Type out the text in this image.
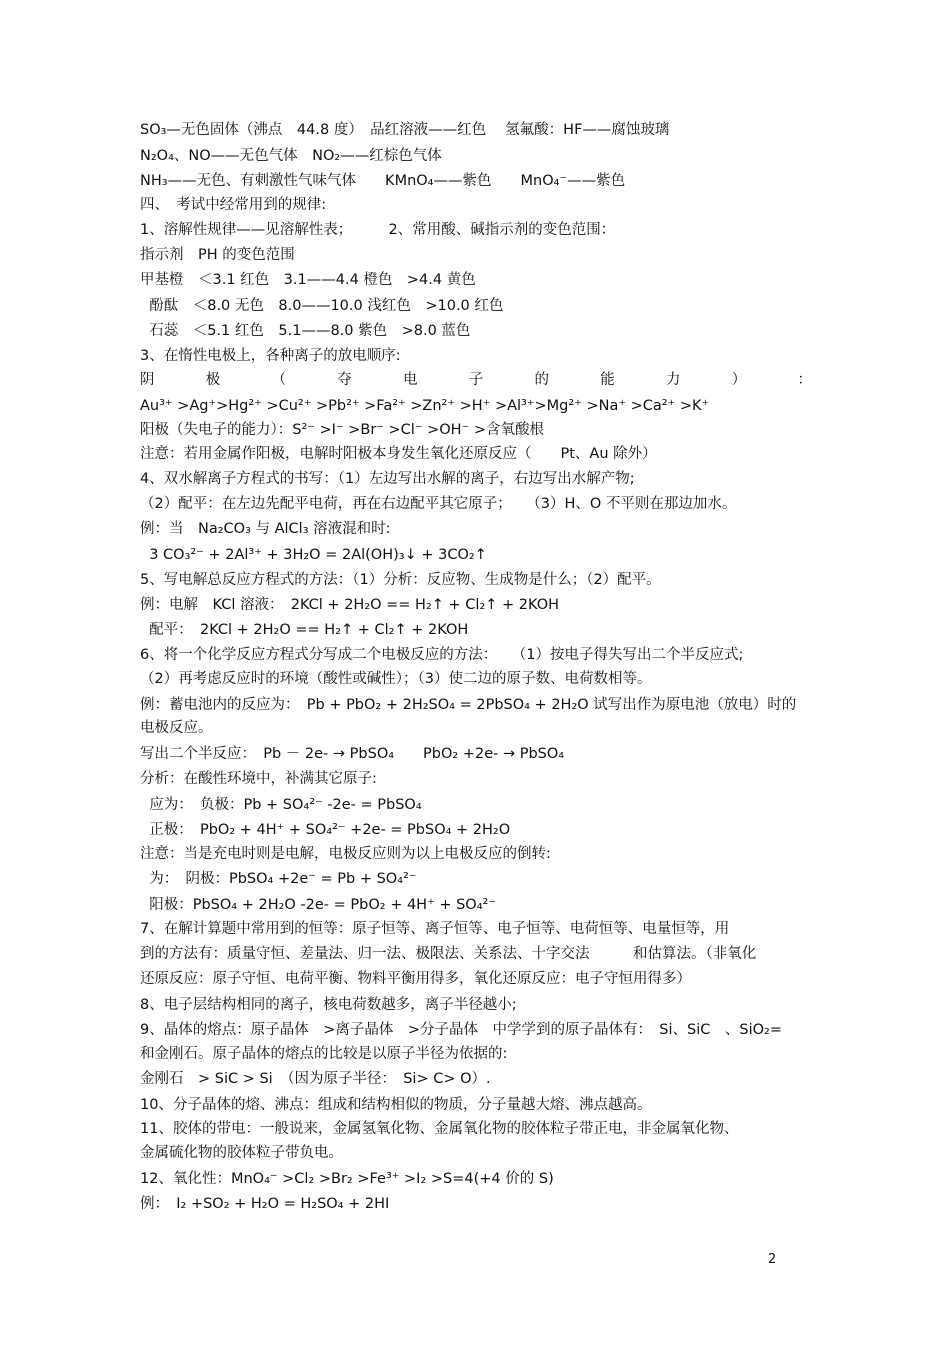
SO₃—无色固体（沸点　44.8 度）　品红溶液——红色　 氢氟酸：HF——腐蚀玻璃
N₂O₄、NO——无色气体　NO₂——红棕色气体
NH₃——无色、有刺激性气味气体　　KMnO₄——紫色　　MnO₄⁻——紫色
四、　考试中经常用到的规律:
1、溶解性规律——见溶解性表；　　　2、常用酸、碱指示剂的变色范围：
指示剂　PH 的变色范围
甲基橙　＜3.1 红色　3.1——4.4 橙色　>4.4 黄色
酚酞　＜8.0 无色　8.0——10.0 浅红色　>10.0 红色
石蕊　＜5.1 红色　5.1——8.0 紫色　>8.0 蓝色
3、在惰性电极上，各种离子的放电顺序:
阴	极	（	夺	电	子	的	能	力	）	：
Au³⁺ >Ag⁺>Hg²⁺ >Cu²⁺ >Pb²⁺ >Fa²⁺ >Zn²⁺ >H⁺ >Al³⁺>Mg²⁺ >Na⁺ >Ca²⁺ >K⁺
阳极（失电子的能力）：S²⁻ >I⁻ >Br⁻ >Cl⁻ >OH⁻ >含氧酸根
注意：若用金属作阳极，电解时阳极本身发生氧化还原反应（　　Pt、Au 除外）
4、双水解离子方程式的书写：（1）左边写出水解的离子，右边写出水解产物;
（2）配平：在左边先配平电荷，再在右边配平其它原子；　　（3）H、O 不平则在那边加水。
例：当　Na₂CO₃ 与 AlCl₃ 溶液混和时:
3 CO₃²⁻ + 2Al³⁺ + 3H₂O = 2Al(OH)₃↓ + 3CO₂↑
5、写电解总反应方程式的方法：（1）分析：反应物、生成物是什么；（2）配平。
例：电解　KCl 溶液：　2KCl + 2H₂O == H₂↑ + Cl₂↑ + 2KOH
配平：　2KCl + 2H₂O == H₂↑ + Cl₂↑ + 2KOH
6、将一个化学反应方程式分写成二个电极反应的方法：　　（1）按电子得失写出二个半反应式;
（2）再考虑反应时的环境（酸性或碱性）；（3）使二边的原子数、电荷数相等。
例：蓄电池内的反应为：　Pb + PbO₂ + 2H₂SO₄ = 2PbSO₄ + 2H₂O 试写出作为原电池（放电）时的
电极反应。
写出二个半反应：　Pb － 2e- → PbSO₄　　PbO₂ +2e- → PbSO₄
分析：在酸性环境中，补满其它原子:
应为：　负极：Pb + SO₄²⁻ -2e- = PbSO₄
正极：　PbO₂ + 4H⁺ + SO₄²⁻ +2e- = PbSO₄ + 2H₂O
注意：当是充电时则是电解，电极反应则为以上电极反应的倒转:
为：　阴极：PbSO₄ +2e⁻ = Pb + SO₄²⁻
阳极：PbSO₄ + 2H₂O -2e- = PbO₂ + 4H⁺ + SO₄²⁻
7、在解计算题中常用到的恒等：原子恒等、离子恒等、电子恒等、电荷恒等、电量恒等，用
到的方法有：质量守恒、差量法、归一法、极限法、关系法、十字交法　　　和估算法。（非氧化
还原反应：原子守恒、电荷平衡、物料平衡用得多，氧化还原反应：电子守恒用得多）
8、电子层结构相同的离子，核电荷数越多，离子半径越小;
9、晶体的熔点：原子晶体　>离子晶体　>分子晶体　中学学到的原子晶体有：　Si、SiC　、SiO₂=
和金刚石。原子晶体的熔点的比较是以原子半径为依据的:
金刚石　> SiC > Si　（因为原子半径：　Si> C> O）.
10、分子晶体的熔、沸点：组成和结构相似的物质，分子量越大熔、沸点越高。
11、胶体的带电：一般说来，金属氢氧化物、金属氧化物的胶体粒子带正电，非金属氧化物、
金属硫化物的胶体粒子带负电。
12、氧化性：MnO₄⁻ >Cl₂ >Br₂ >Fe³⁺ >I₂ >S=4(+4 价的 S)
例：　I₂ +SO₂ + H₂O = H₂SO₄ + 2HI
2
